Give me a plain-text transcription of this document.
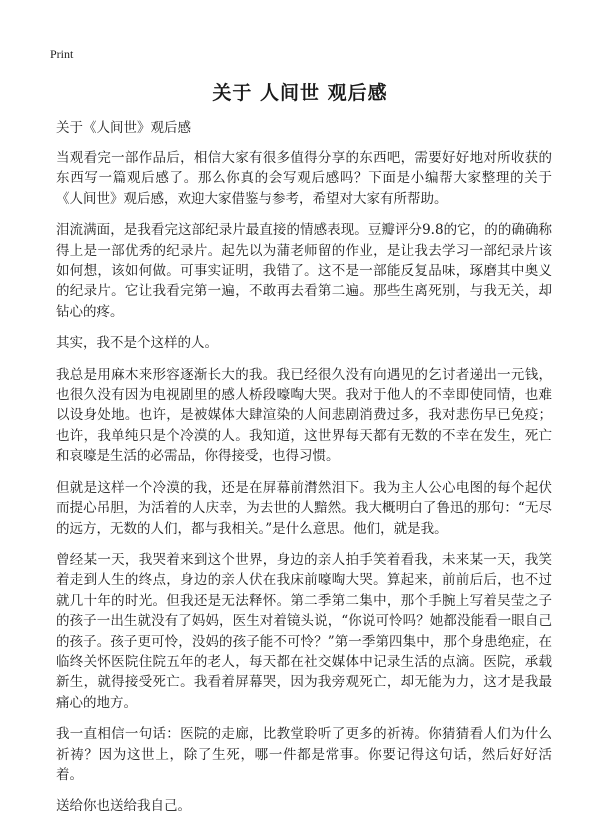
Print
关于 人间世 观后感

关于《人间世》观后感

当观看完一部作品后，相信大家有很多值得分享的东西吧，需要好好地对所收获的东西写一篇观后感了。那么你真的会写观后感吗？下面是小编帮大家整理的关于《人间世》观后感，欢迎大家借鉴与参考，希望对大家有所帮助。

泪流满面，是我看完这部纪录片最直接的情感表现。豆瓣评分9.8的它，的的确确称得上是一部优秀的纪录片。起先以为蒲老师留的作业，是让我去学习一部纪录片该如何想，该如何做。可事实证明，我错了。这不是一部能反复品味，琢磨其中奥义的纪录片。它让我看完第一遍，不敢再去看第二遍。那些生离死别，与我无关，却钻心的疼。

其实，我不是个这样的人。

我总是用麻木来形容逐渐长大的我。我已经很久没有向遇见的乞讨者递出一元钱，也很久没有因为电视剧里的感人桥段嚎啕大哭。我对于他人的不幸即使同情，也难以设身处地。也许，是被媒体大肆渲染的人间悲剧消费过多，我对悲伤早已免疫；也许，我单纯只是个冷漠的人。我知道，这世界每天都有无数的不幸在发生，死亡和哀嚎是生活的必需品，你得接受，也得习惯。

但就是这样一个冷漠的我，还是在屏幕前潸然泪下。我为主人公心电图的每个起伏而提心吊胆，为活着的人庆幸，为去世的人黯然。我大概明白了鲁迅的那句：“无尽的远方，无数的人们，都与我相关。”是什么意思。他们，就是我。

曾经某一天，我哭着来到这个世界，身边的亲人拍手笑着看我，未来某一天，我笑着走到人生的终点，身边的亲人伏在我床前嚎啕大哭。算起来，前前后后，也不过就几十年的时光。但我还是无法释怀。第二季第二集中，那个手腕上写着吴莹之子的孩子一出生就没有了妈妈，医生对着镜头说，“你说可怜吗？她都没能看一眼自己的孩子。孩子更可怜，没妈的孩子能不可怜？”第一季第四集中，那个身患绝症，在临终关怀医院住院五年的老人，每天都在社交媒体中记录生活的点滴。医院，承载新生，就得接受死亡。我看着屏幕哭，因为我旁观死亡，却无能为力，这才是我最痛心的地方。

我一直相信一句话：医院的走廊，比教堂聆听了更多的祈祷。你猜猜看人们为什么祈祷？因为这世上，除了生死，哪一件都是常事。你要记得这句话，然后好好活着。

送给你也送给我自己。
